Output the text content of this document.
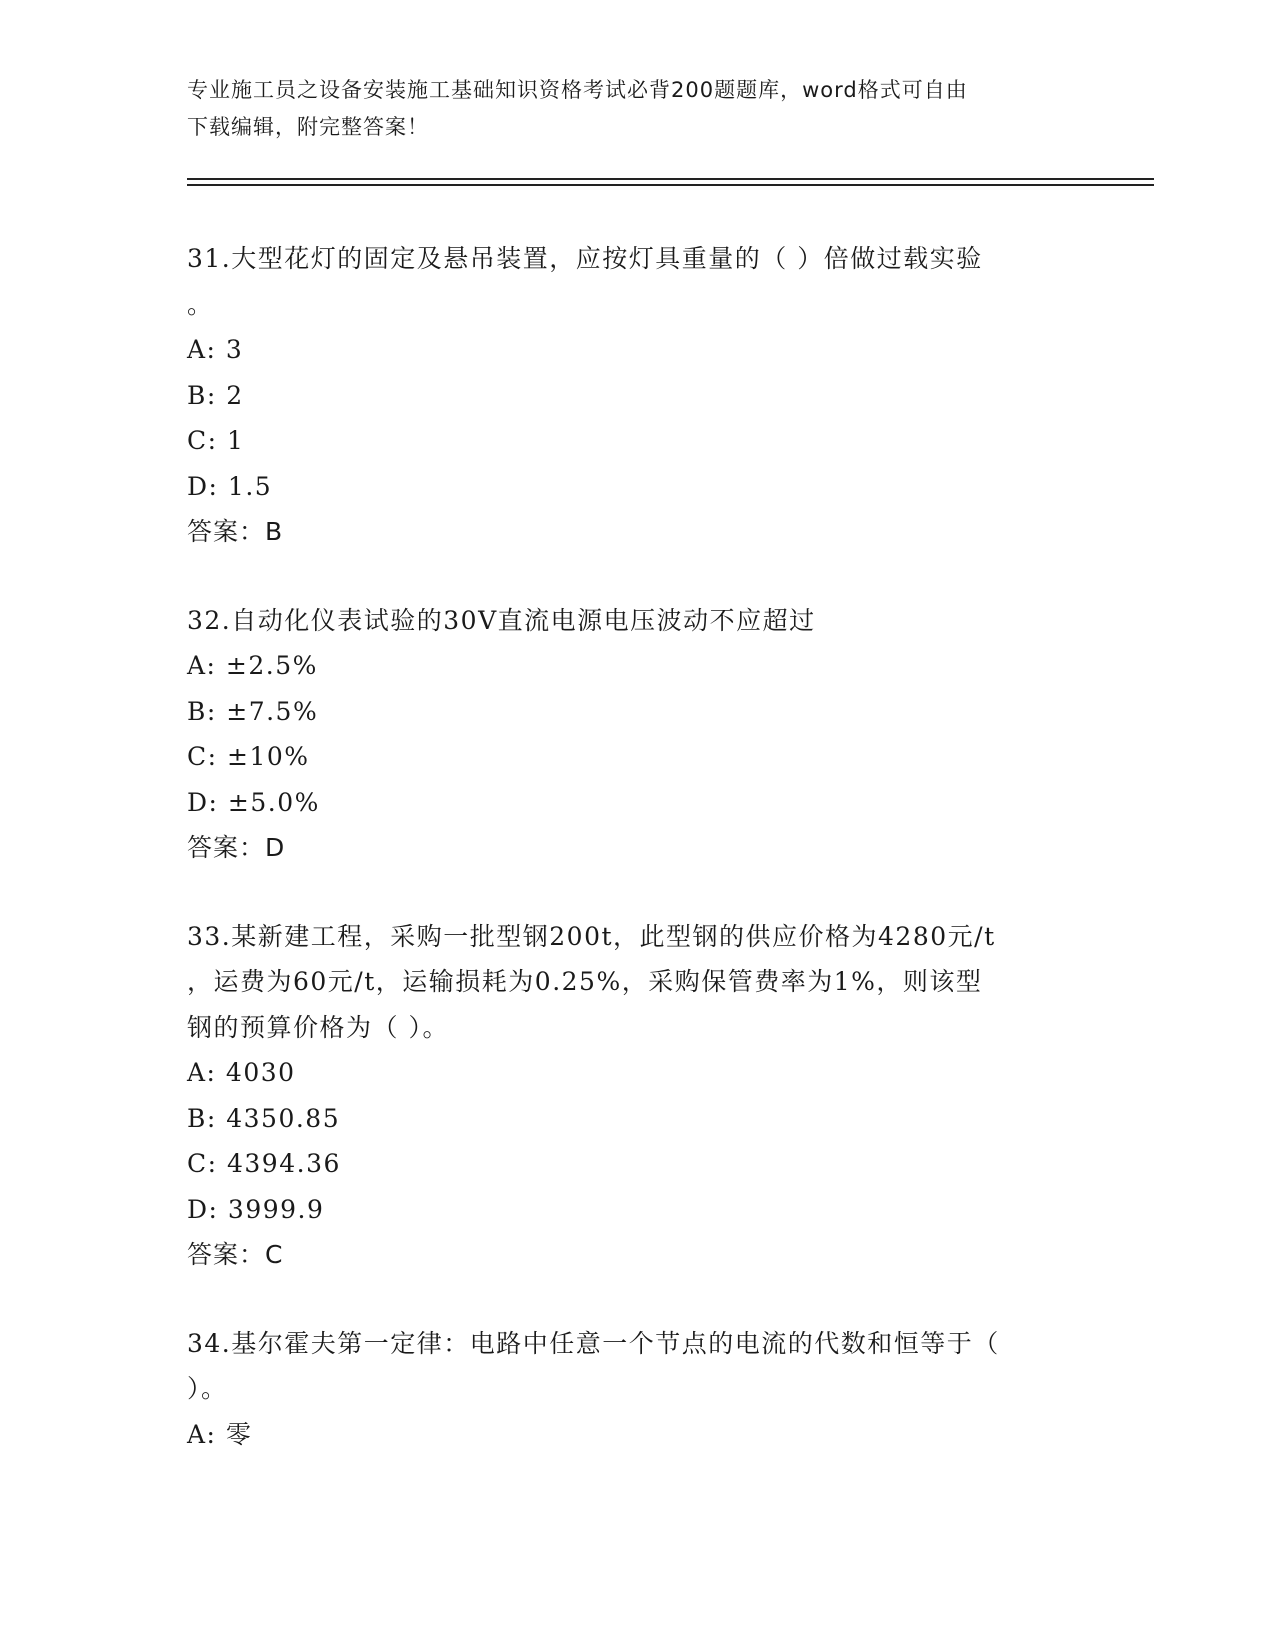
专业施工员之设备安装施工基础知识资格考试必背200题题库，word格式可自由
下载编辑，附完整答案！
31.大型花灯的固定及悬吊装置，应按灯具重量的（ ）倍做过载实验
。
A: 3
B: 2
C: 1
D: 1.5
答案：B
32.自动化仪表试验的30V直流电源电压波动不应超过
A: ±2.5%
B: ±7.5%
C: ±10%
D: ±5.0%
答案：D
33.某新建工程，采购一批型钢200t，此型钢的供应价格为4280元/t
，运费为60元/t，运输损耗为0.25%，采购保管费率为1%，则该型
钢的预算价格为（ ）。
A: 4030
B: 4350.85
C: 4394.36
D: 3999.9
答案：C
34.基尔霍夫第一定律：电路中任意一个节点的电流的代数和恒等于（
）。
A: 零
